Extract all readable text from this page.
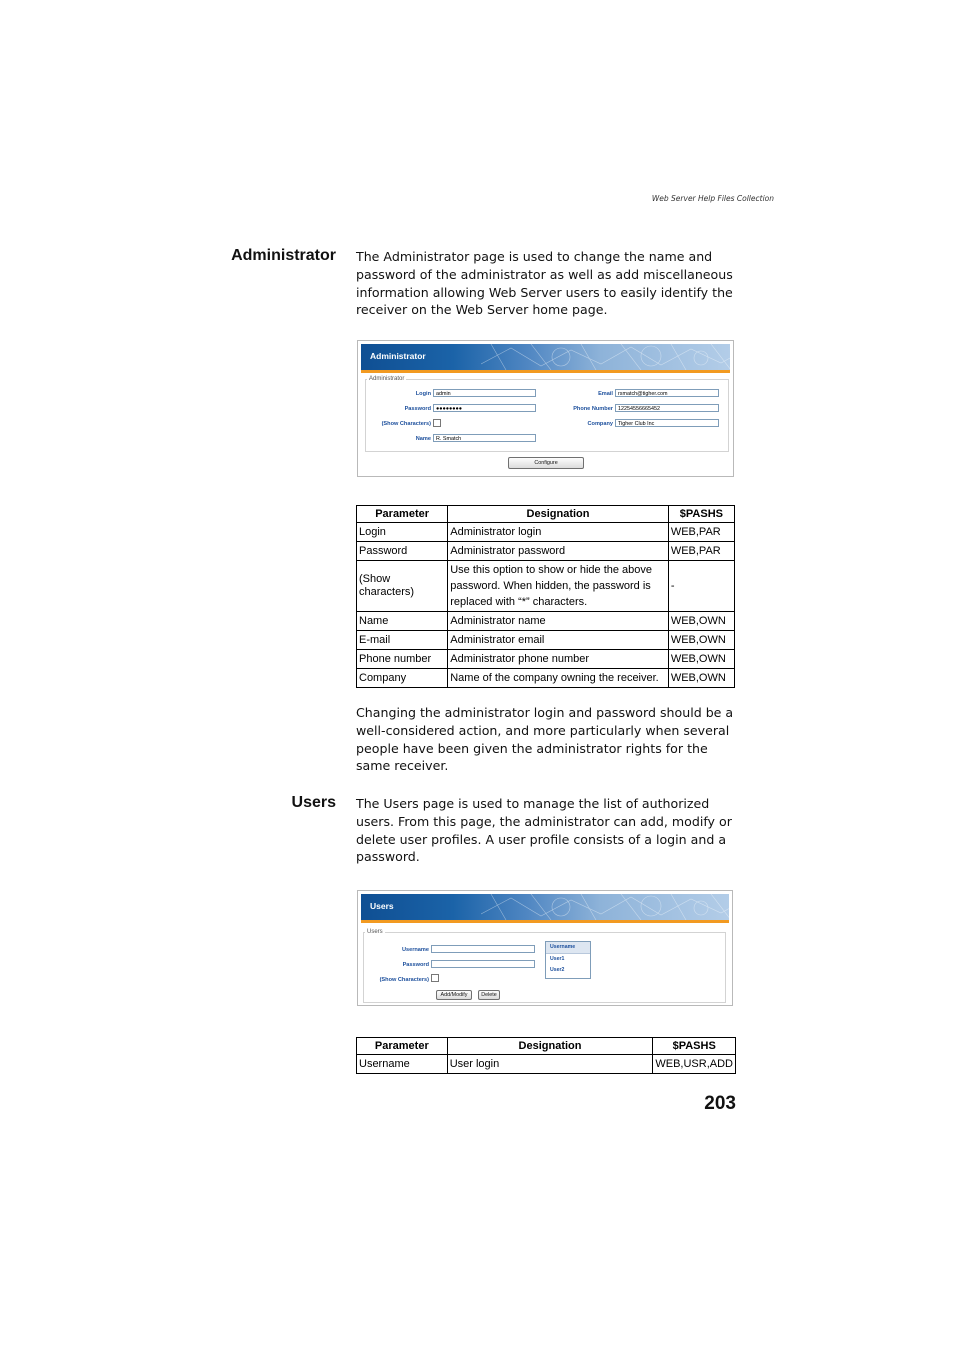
Web Server Help Files Collection
Administrator The Administrator page is used to change the name and password of the administrator as well as add miscellaneous information allowing Web Server users to easily identify the receiver on the Web Server home page.
Administrator
Administrator
Login admin
Password ●●●●●●●●
(Show Characters)
Name R. Smatch
Email rsmatch@tigher.com
Phone Number 12254556665452
Company Tigher Club Inc
Configure
Parameter	Designation	$PASHS
Login	Administrator login	WEB,PAR
Password	Administrator password	WEB,PAR
(Show characters)	Use this option to show or hide the above password. When hidden, the password is replaced with “*” characters.	-
Name	Administrator name	WEB,OWN
E-mail	Administrator email	WEB,OWN
Phone number	Administrator phone number	WEB,OWN
Company	Name of the company owning the receiver.	WEB,OWN
Changing the administrator login and password should be a well-considered action, and more particularly when several people have been given the administrator rights for the same receiver.
Users The Users page is used to manage the list of authorized users. From this page, the administrator can add, modify or delete user profiles. A user profile consists of a login and a password.
Users
Users
Username
Password
(Show Characters)
Username
User1
User2
Add/Modify	Delete
Parameter	Designation	$PASHS
Username	User login	WEB,USR,ADD
203
